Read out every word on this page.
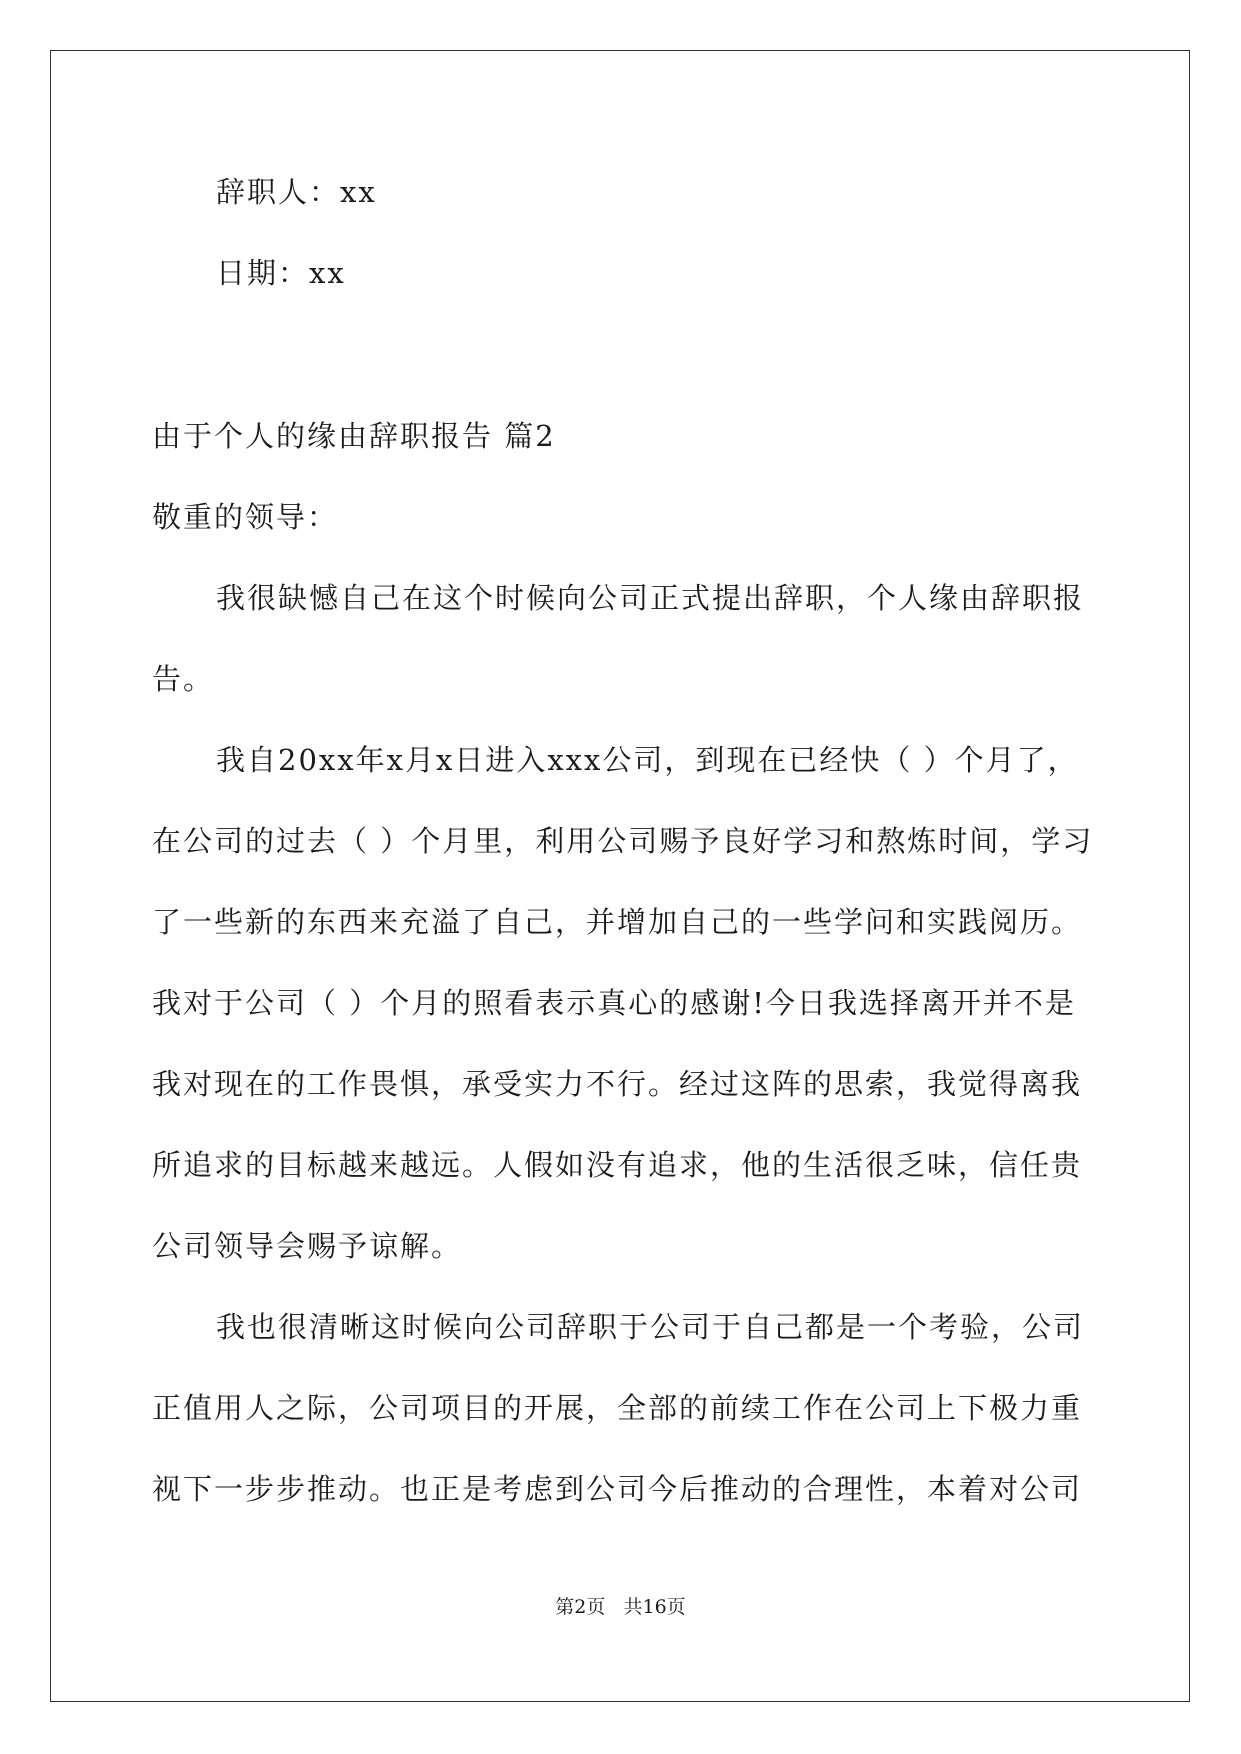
辞职人：xx
日期：xx
由于个人的缘由辞职报告 篇2
敬重的领导：
我很缺憾自己在这个时候向公司正式提出辞职，个人缘由辞职报
告。
我自20xx年x月x日进入xxx公司，到现在已经快（ ）个月了，
在公司的过去（ ）个月里，利用公司赐予良好学习和熬炼时间，学习
了一些新的东西来充溢了自己，并增加自己的一些学问和实践阅历。
我对于公司（ ）个月的照看表示真心的感谢!今日我选择离开并不是
我对现在的工作畏惧，承受实力不行。经过这阵的思索，我觉得离我
所追求的目标越来越远。人假如没有追求，他的生活很乏味，信任贵
公司领导会赐予谅解。
我也很清晰这时候向公司辞职于公司于自己都是一个考验，公司
正值用人之际，公司项目的开展，全部的前续工作在公司上下极力重
视下一步步推动。也正是考虑到公司今后推动的合理性，本着对公司
第2页   共16页
